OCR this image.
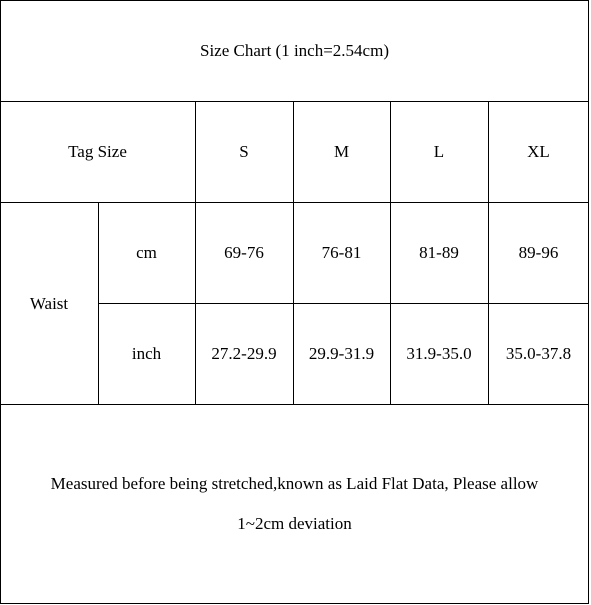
Size Chart (1 inch=2.54cm)
Tag Size	S	M	L	XL
Waist
cm	69-76	76-81	81-89	89-96
inch	27.2-29.9	29.9-31.9	31.9-35.0	35.0-37.8
Measured before being stretched,known as Laid Flat Data, Please allow
1~2cm deviation
